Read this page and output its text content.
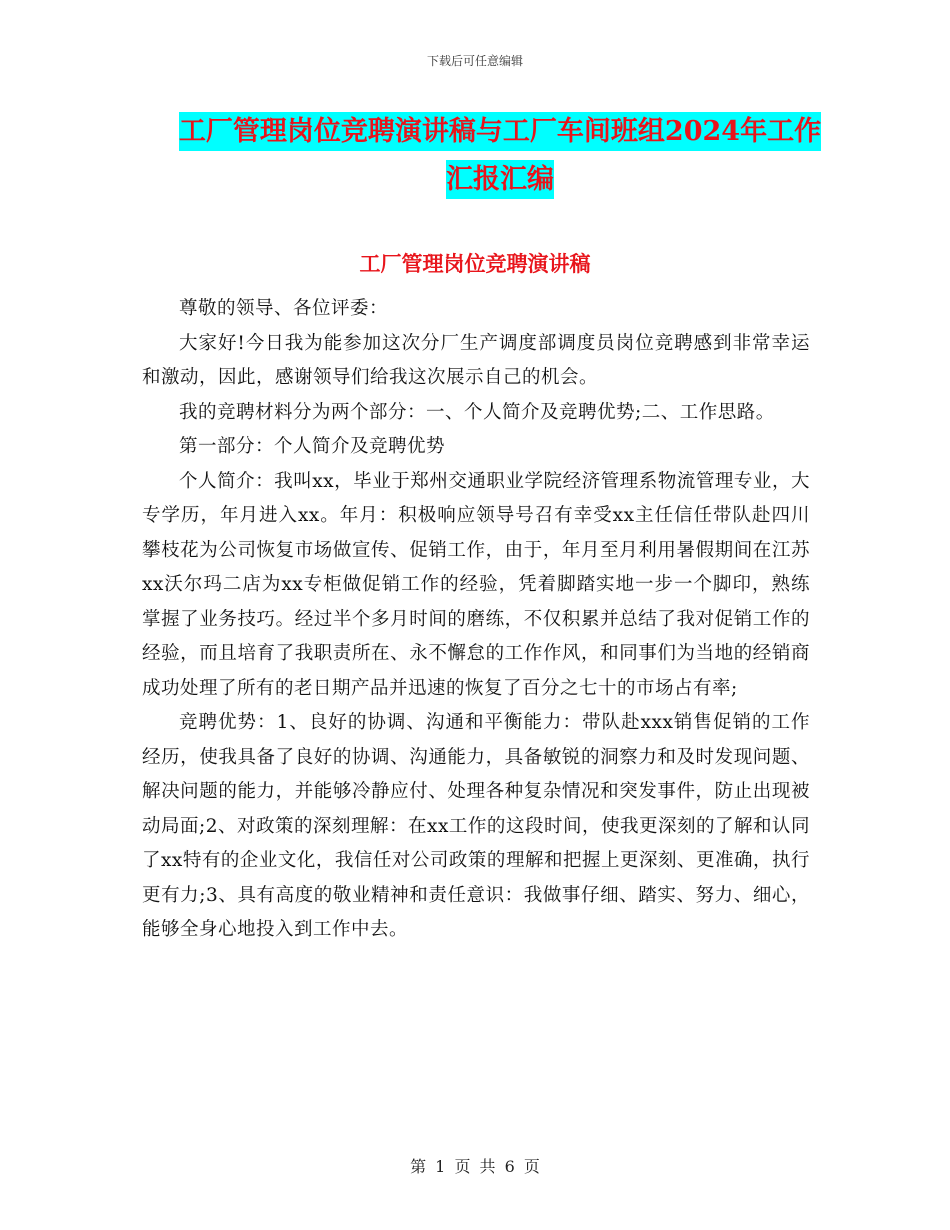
下载后可任意编辑
工厂管理岗位竞聘演讲稿与工厂车间班组2024年工作
汇报汇编
工厂管理岗位竞聘演讲稿

尊敬的领导、各位评委：

大家好!今日我为能参加这次分厂生产调度部调度员岗位竞聘感到非常幸运和激动，因此，感谢领导们给我这次展示自己的机会。

我的竞聘材料分为两个部分：一、个人简介及竞聘优势;二、工作思路。

第一部分：个人简介及竞聘优势

个人简介：我叫xx，毕业于郑州交通职业学院经济管理系物流管理专业，大专学历，年月进入xx。年月：积极响应领导号召有幸受xx主任信任带队赴四川攀枝花为公司恢复市场做宣传、促销工作，由于，年月至月利用暑假期间在江苏xx沃尔玛二店为xx专柜做促销工作的经验，凭着脚踏实地一步一个脚印，熟练掌握了业务技巧。经过半个多月时间的磨练，不仅积累并总结了我对促销工作的经验，而且培育了我职责所在、永不懈怠的工作作风，和同事们为当地的经销商成功处理了所有的老日期产品并迅速的恢复了百分之七十的市场占有率;

竞聘优势：1、良好的协调、沟通和平衡能力：带队赴xxx销售促销的工作经历，使我具备了良好的协调、沟通能力，具备敏锐的洞察力和及时发现问题、解决问题的能力，并能够冷静应付、处理各种复杂情况和突发事件，防止出现被动局面;2、对政策的深刻理解：在xx工作的这段时间，使我更深刻的了解和认同了xx特有的企业文化，我信任对公司政策的理解和把握上更深刻、更准确，执行更有力;3、具有高度的敬业精神和责任意识：我做事仔细、踏实、努力、细心，能够全身心地投入到工作中去。

第 1 页 共 6 页
